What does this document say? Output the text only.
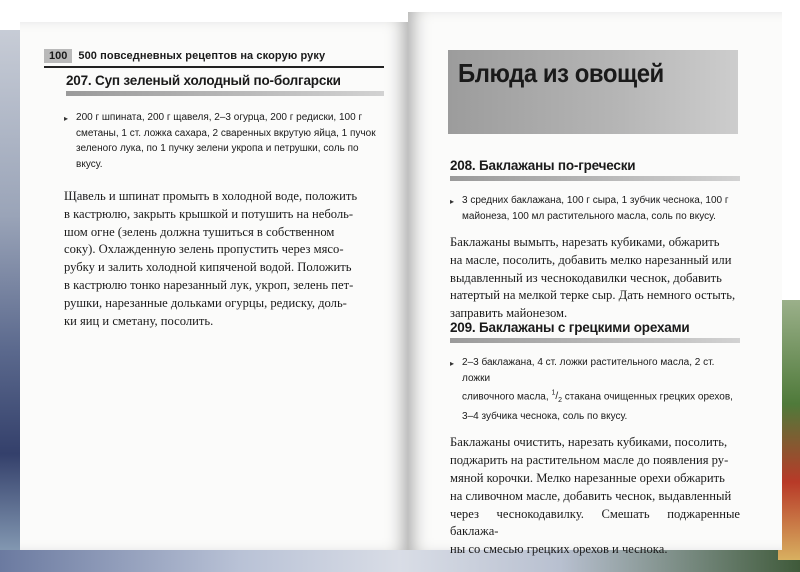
100	500 повседневных рецептов на скорую руку
207. Суп зеленый холодный по-болгарски
▸ 200 г шпината, 200 г щавеля, 2–3 огурца, 200 г редиски, 100 г
сметаны, 1 ст. ложка сахара, 2 сваренных вкрутую яйца, 1 пучок
зеленого лука, по 1 пучку зелени укропа и петрушки, соль по вкусу.
Щавель и шпинат промыть в холодной воде, положить
в кастрюлю, закрыть крышкой и потушить на неболь-
шом огне (зелень должна тушиться в собственном
соку). Охлажденную зелень пропустить через мясо-
рубку и залить холодной кипяченой водой. Положить
в кастрюлю тонко нарезанный лук, укроп, зелень пет-
рушки, нарезанные дольками огурцы, редиску, доль-
ки яиц и сметану, посолить.
Блюда из овощей
208. Баклажаны по-гречески
▸ 3 средних баклажана, 100 г сыра, 1 зубчик чеснока, 100 г
майонеза, 100 мл растительного масла, соль по вкусу.
Баклажаны вымыть, нарезать кубиками, обжарить
на масле, посолить, добавить мелко нарезанный или
выдавленный из чеснокодавилки чеснок, добавить
натертый на мелкой терке сыр. Дать немного остыть,
заправить майонезом.
209. Баклажаны с грецкими орехами
▸ 2–3 баклажана, 4 ст. ложки растительного масла, 2 ст. ложки
сливочного масла, $^1/_2$ стакана очищенных грецких орехов,
3–4 зубчика чеснока, соль по вкусу.
Баклажаны очистить, нарезать кубиками, посолить,
поджарить на растительном масле до появления ру-
мяной корочки. Мелко нарезанные орехи обжарить
на сливочном масле, добавить чеснок, выдавленный
через чеснокодавилку. Смешать поджаренные баклажа-
ны со смесью грецких орехов и чеснока.
